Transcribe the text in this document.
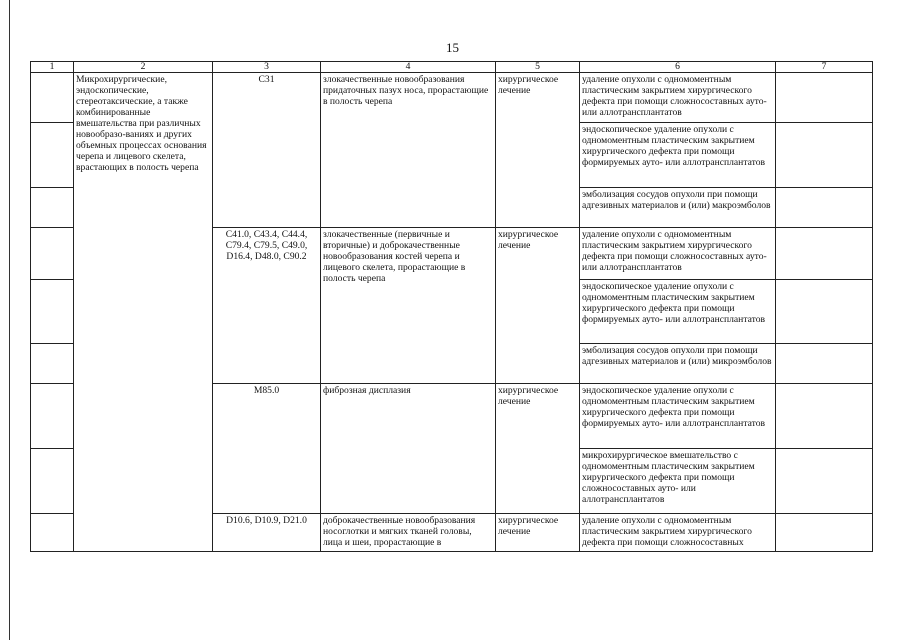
15
1	2	3	4	5	6	7
	Микрохирургические, эндоскопические, стереотаксические, а также комбинированные вмешательства при различных новообразо-ваниях и других объемных процессах основания черепа и лицевого скелета, врастающих в полость черепа	C31	злокачественные новообразования придаточных пазух носа, прорастающие в полость черепа	хирургическое лечение	удаление опухоли с одномоментным пластическим закрытием хирургического дефекта при помощи сложносоставных ауто- или аллотрансплантатов	
					эндоскопическое удаление опухоли с одномоментным пластическим закрытием хирургического дефекта при помощи формируемых ауто- или аллотрансплантатов	
					эмболизация сосудов опухоли при помощи адгезивных материалов и (или) макроэмболов	
		C41.0, C43.4, C44.4, C79.4, C79.5, C49.0, D16.4, D48.0, C90.2	злокачественные (первичные и вторичные) и доброкачественные новообразования костей черепа и лицевого скелета, прорастающие в полость черепа	хирургическое лечение	удаление опухоли с одномоментным пластическим закрытием хирургического дефекта при помощи сложносоставных ауто- или аллотрансплантатов	
					эндоскопическое удаление опухоли с одномоментным пластическим закрытием хирургического дефекта при помощи формируемых ауто- или аллотрансплантатов	
					эмболизация сосудов опухоли при помощи адгезивных материалов и (или) микроэмболов	
		M85.0	фиброзная дисплазия	хирургическое лечение	эндоскопическое удаление опухоли с одномоментным пластическим закрытием хирургического дефекта при помощи формируемых ауто- или аллотрансплантатов	
					микрохирургическое вмешательство с одномоментным пластическим закрытием хирургического дефекта при помощи сложносоставных ауто- или аллотрансплантатов	
		D10.6, D10.9, D21.0	доброкачественные новообразования носоглотки и мягких тканей головы, лица и шеи, прорастающие в	хирургическое лечение	удаление опухоли с одномоментным пластическим закрытием хирургического дефекта при помощи сложносоставных	
